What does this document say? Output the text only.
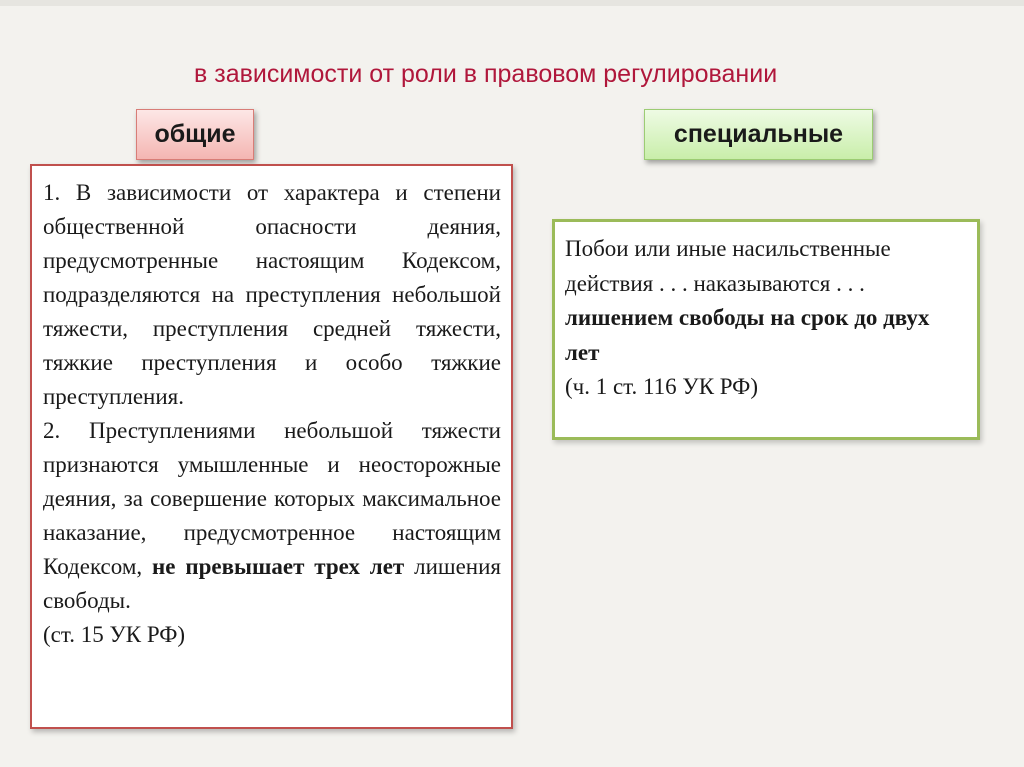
в зависимости от роли в правовом регулировании
общие	специальные

1. В зависимости от характера и степени общественной опасности деяния, предусмотренные настоящим Кодексом, подразделяются на преступления небольшой тяжести, преступления средней тяжести, тяжкие преступления и особо тяжкие преступления.

2. Преступлениями небольшой тяжести признаются умышленные и неосторожные деяния, за совершение которых максимальное наказание, предусмотренное настоящим Кодексом, не превышает трех лет лишения свободы.

(ст. 15 УК РФ)

Побои или иные насильственные действия . . . наказываются . . . лишением свободы на срок до двух лет

(ч. 1 ст. 116 УК РФ)
